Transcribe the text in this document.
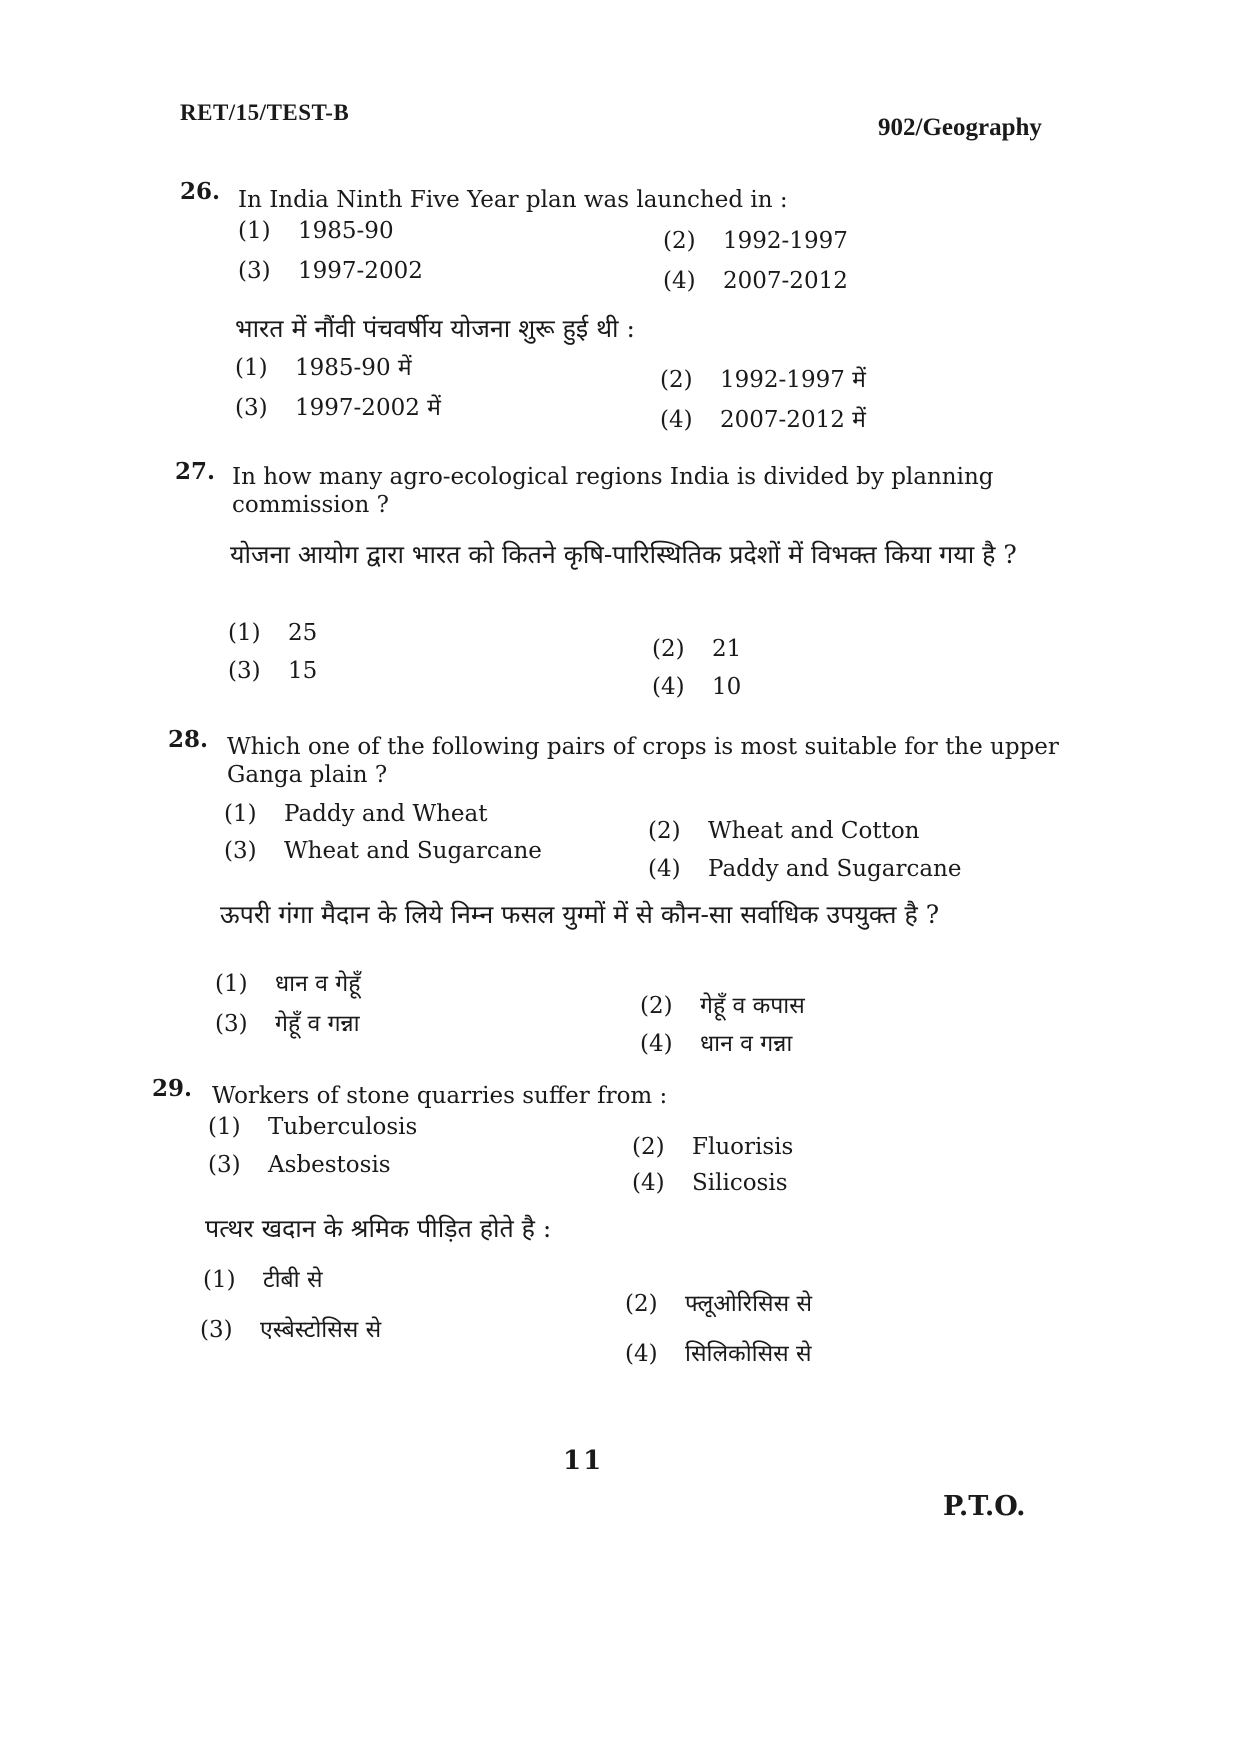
RET/15/TEST-B
902/Geography
26. In India Ninth Five Year plan was launched in :
(1) 1985-90	(2) 1992-1997
(3) 1997-2002	(4) 2007-2012
भारत में नौंवी पंचवर्षीय योजना शुरू हुई थी :
(1) 1985-90 में	(2) 1992-1997 में
(3) 1997-2002 में	(4) 2007-2012 में
27. In how many agro-ecological regions India is divided by planning commission ?
योजना आयोग द्वारा भारत को कितने कृषि-पारिस्थितिक प्रदेशों में विभक्त किया गया है ?
(1) 25
(2) 21
(3) 15
(4) 10
28. Which one of the following pairs of crops is most suitable for the upper Ganga plain ?
(1) Paddy and Wheat
(2) Wheat and Cotton
(3) Wheat and Sugarcane
(4) Paddy and Sugarcane
ऊपरी गंगा मैदान के लिये निम्न फसल युग्मों में से कौन-सा सर्वाधिक उपयुक्त है ?
(1) धान व गेहूँ
(2) गेहूँ व कपास
(3) गेहूँ व गन्ना
(4) धान व गन्ना
29. Workers of stone quarries suffer from :
(1) Tuberculosis
(2) Fluorisis
(3) Asbestosis
(4) Silicosis
पत्थर खदान के श्रमिक पीड़ित होते है :
(1) टीबी से
(2) फ्लूओरिसिस से
(3) एस्बेस्टोसिस से
(4) सिलिकोसिस से
11
P.T.O.
